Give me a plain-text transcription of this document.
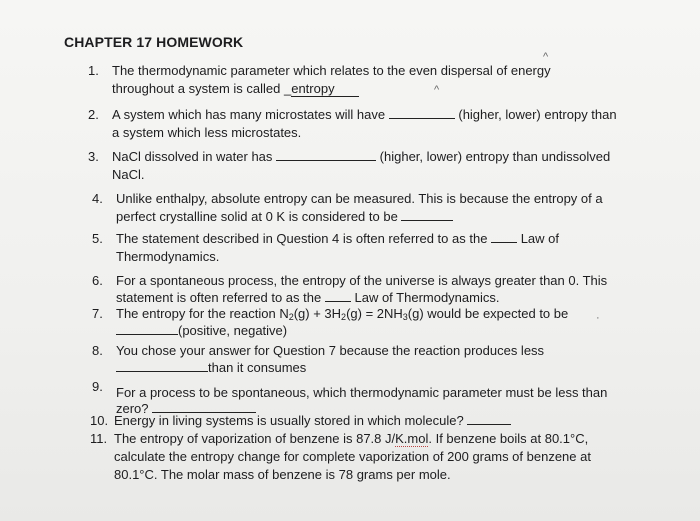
CHAPTER 17 HOMEWORK
1. The thermodynamic parameter which relates to the even dispersal of energy
throughout a system is called _entropy
^
^
2. A system which has many microstates will have	(higher, lower) entropy than
a system which less microstates.
3. NaCl dissolved in water has	(higher, lower) entropy than undissolved
NaCl.
4. Unlike enthalpy, absolute entropy can be measured. This is because the entropy of a
perfect crystalline solid at 0 K is considered to be
5. The statement described in Question 4 is often referred to as the	Law of
Thermodynamics.
6. For a spontaneous process, the entropy of the universe is always greater than 0. This
statement is often referred to as the	Law of Thermodynamics.
7. The entropy for the reaction $N_2(g) + 3H_2(g) = 2NH_3(g)$ would be expected to be
(positive, negative)
·
8. You chose your answer for Question 7 because the reaction produces less
than it consumes
9. For a process to be spontaneous, which thermodynamic parameter must be less than
zero?
10. Energy in living systems is usually stored in which molecule?
11. The entropy of vaporization of benzene is 87.8 J/K.mol. If benzene boils at 80.1°C,
calculate the entropy change for complete vaporization of 200 grams of benzene at
80.1°C. The molar mass of benzene is 78 grams per mole.
